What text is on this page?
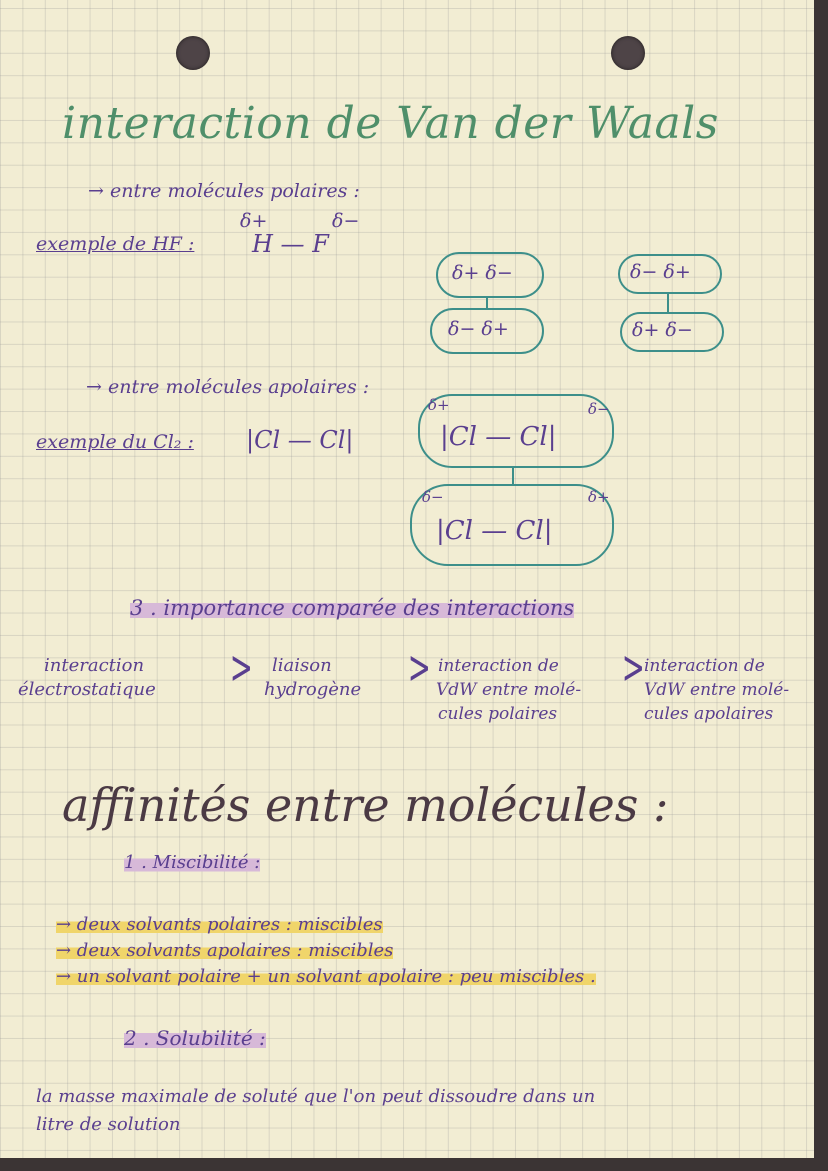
interaction de Van der Waals
→ entre molécules polaires :
exemple de HF :
δ+
H — F
δ−
δ+ δ−
δ− δ+
δ− δ+
δ+ δ−
→ entre molécules apolaires :
exemple du Cl₂ : |Cl — Cl|
δ+	δ−
|Cl — Cl|
δ−	δ+
|Cl — Cl|
3 . importance comparée des interactions
interaction
électrostatique > liaison
hydrogène > interaction de
VdW entre molé-
cules polaires
> interaction de
VdW entre molé-
cules apolaires
affinités entre molécules :
1 . Miscibilité :
→ deux solvants polaires : miscibles
→ deux solvants apolaires : miscibles
→ un solvant polaire + un solvant apolaire : peu miscibles .
2 . Solubilité :
la masse maximale de soluté que l'on peut dissoudre dans un
litre de solution
